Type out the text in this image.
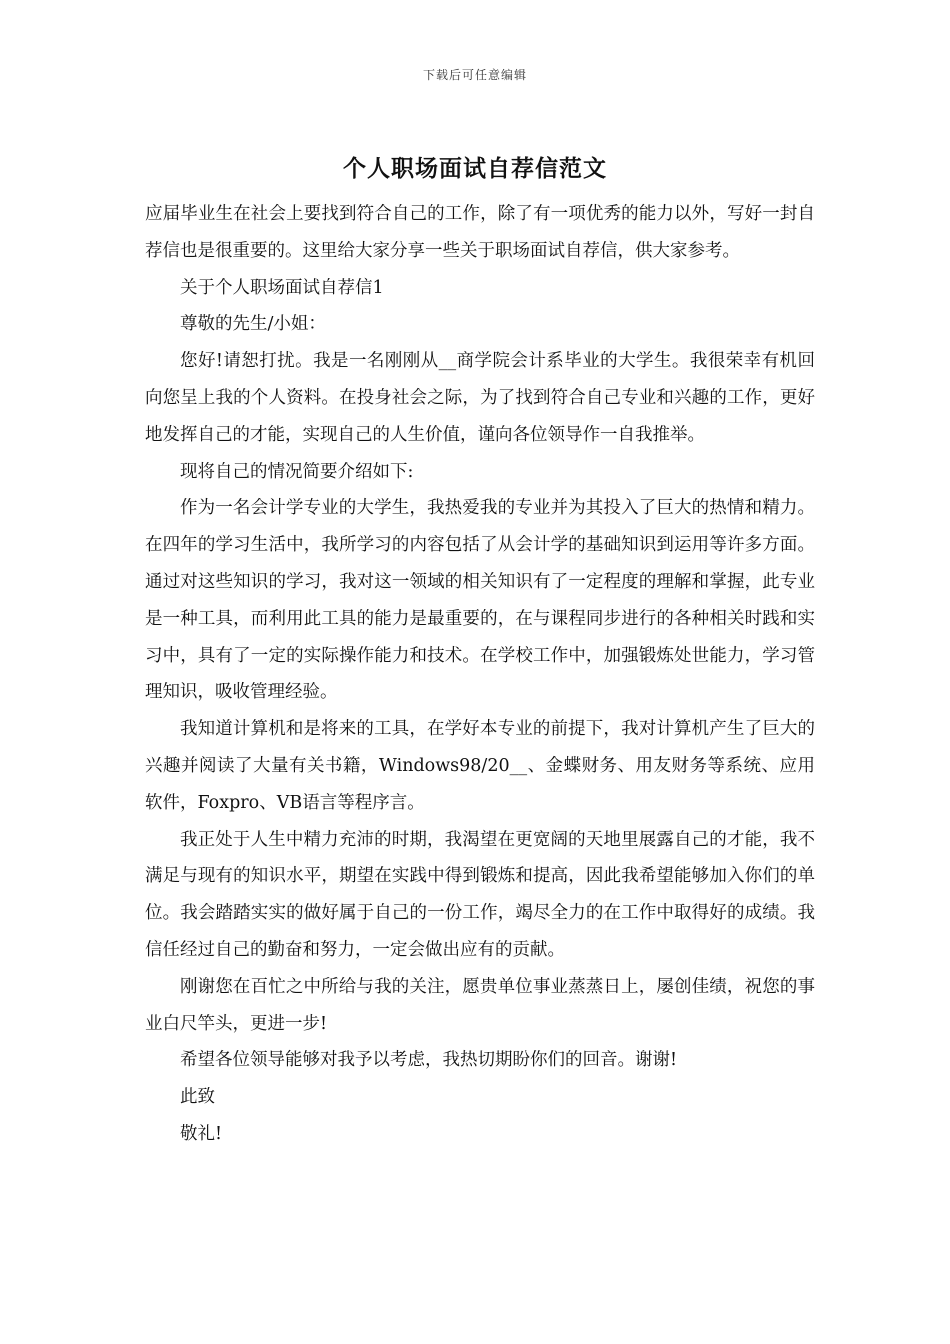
下载后可任意编辑
个人职场面试自荐信范文

应届毕业生在社会上要找到符合自己的工作，除了有一项优秀的能力以外，写好一封自荐信也是很重要的。这里给大家分享一些关于职场面试自荐信，供大家参考。

关于个人职场面试自荐信1

尊敬的先生/小姐：

您好!请恕打扰。我是一名刚刚从__商学院会计系毕业的大学生。我很荣幸有机回向您呈上我的个人资料。在投身社会之际，为了找到符合自己专业和兴趣的工作，更好地发挥自己的才能，实现自己的人生价值，谨向各位领导作一自我推举。

现将自己的情况简要介绍如下:

作为一名会计学专业的大学生，我热爱我的专业并为其投入了巨大的热情和精力。在四年的学习生活中，我所学习的内容包括了从会计学的基础知识到运用等许多方面。通过对这些知识的学习，我对这一领域的相关知识有了一定程度的理解和掌握，此专业是一种工具，而利用此工具的能力是最重要的，在与课程同步进行的各种相关时践和实习中，具有了一定的实际操作能力和技术。在学校工作中，加强锻炼处世能力，学习管理知识，吸收管理经验。

我知道计算机和是将来的工具，在学好本专业的前提下，我对计算机产生了巨大的兴趣并阅读了大量有关书籍，Windows98/20__、金蝶财务、用友财务等系统、应用软件，Foxpro、VB语言等程序言。

我正处于人生中精力充沛的时期，我渴望在更宽阔的天地里展露自己的才能，我不满足与现有的知识水平，期望在实践中得到锻炼和提高，因此我希望能够加入你们的单位。我会踏踏实实的做好属于自己的一份工作，竭尽全力的在工作中取得好的成绩。我信任经过自己的勤奋和努力，一定会做出应有的贡献。

刚谢您在百忙之中所给与我的关注，愿贵单位事业蒸蒸日上，屡创佳绩，祝您的事业白尺竿头，更进一步!

希望各位领导能够对我予以考虑，我热切期盼你们的回音。谢谢!

此致

敬礼!
